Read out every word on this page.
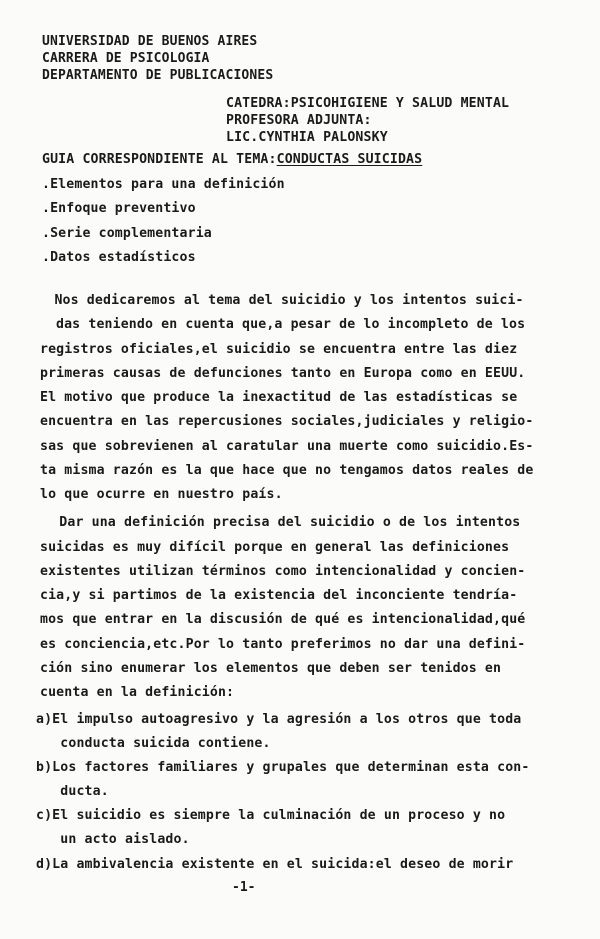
UNIVERSIDAD DE BUENOS AIRES
CARRERA DE PSICOLOGIA
DEPARTAMENTO DE PUBLICACIONES
CATEDRA:PSICOHIGIENE Y SALUD MENTAL
PROFESORA ADJUNTA:
LIC.CYNTHIA PALONSKY
GUIA CORRESPONDIENTE AL TEMA:CONDUCTAS SUICIDAS
.Elementos para una definición
.Enfoque preventivo
.Serie complementaria
.Datos estadísticos
Nos dedicaremos al tema del suicidio y los intentos suici-
das teniendo en cuenta que,a pesar de lo incompleto de los
registros oficiales,el suicidio se encuentra entre las diez
primeras causas de defunciones tanto en Europa como en EEUU.
El motivo que produce la inexactitud de las estadísticas se
encuentra en las repercusiones sociales,judiciales y religio-
sas que sobrevienen al caratular una muerte como suicidio.Es-
ta misma razón es la que hace que no tengamos datos reales de
lo que ocurre en nuestro país.
Dar una definición precisa del suicidio o de los intentos
suicidas es muy difícil porque en general las definiciones
existentes utilizan términos como intencionalidad y concien-
cia,y si partimos de la existencia del inconciente tendría-
mos que entrar en la discusión de qué es intencionalidad,qué
es conciencia,etc.Por lo tanto preferimos no dar una defini-
ción sino enumerar los elementos que deben ser tenidos en
cuenta en la definición:
a)El impulso autoagresivo y la agresión a los otros que toda
conducta suicida contiene.
b)Los factores familiares y grupales que determinan esta con-
ducta.
c)El suicidio es siempre la culminación de un proceso y no
un acto aislado.
d)La ambivalencia existente en el suicida:el deseo de morir
-1-
